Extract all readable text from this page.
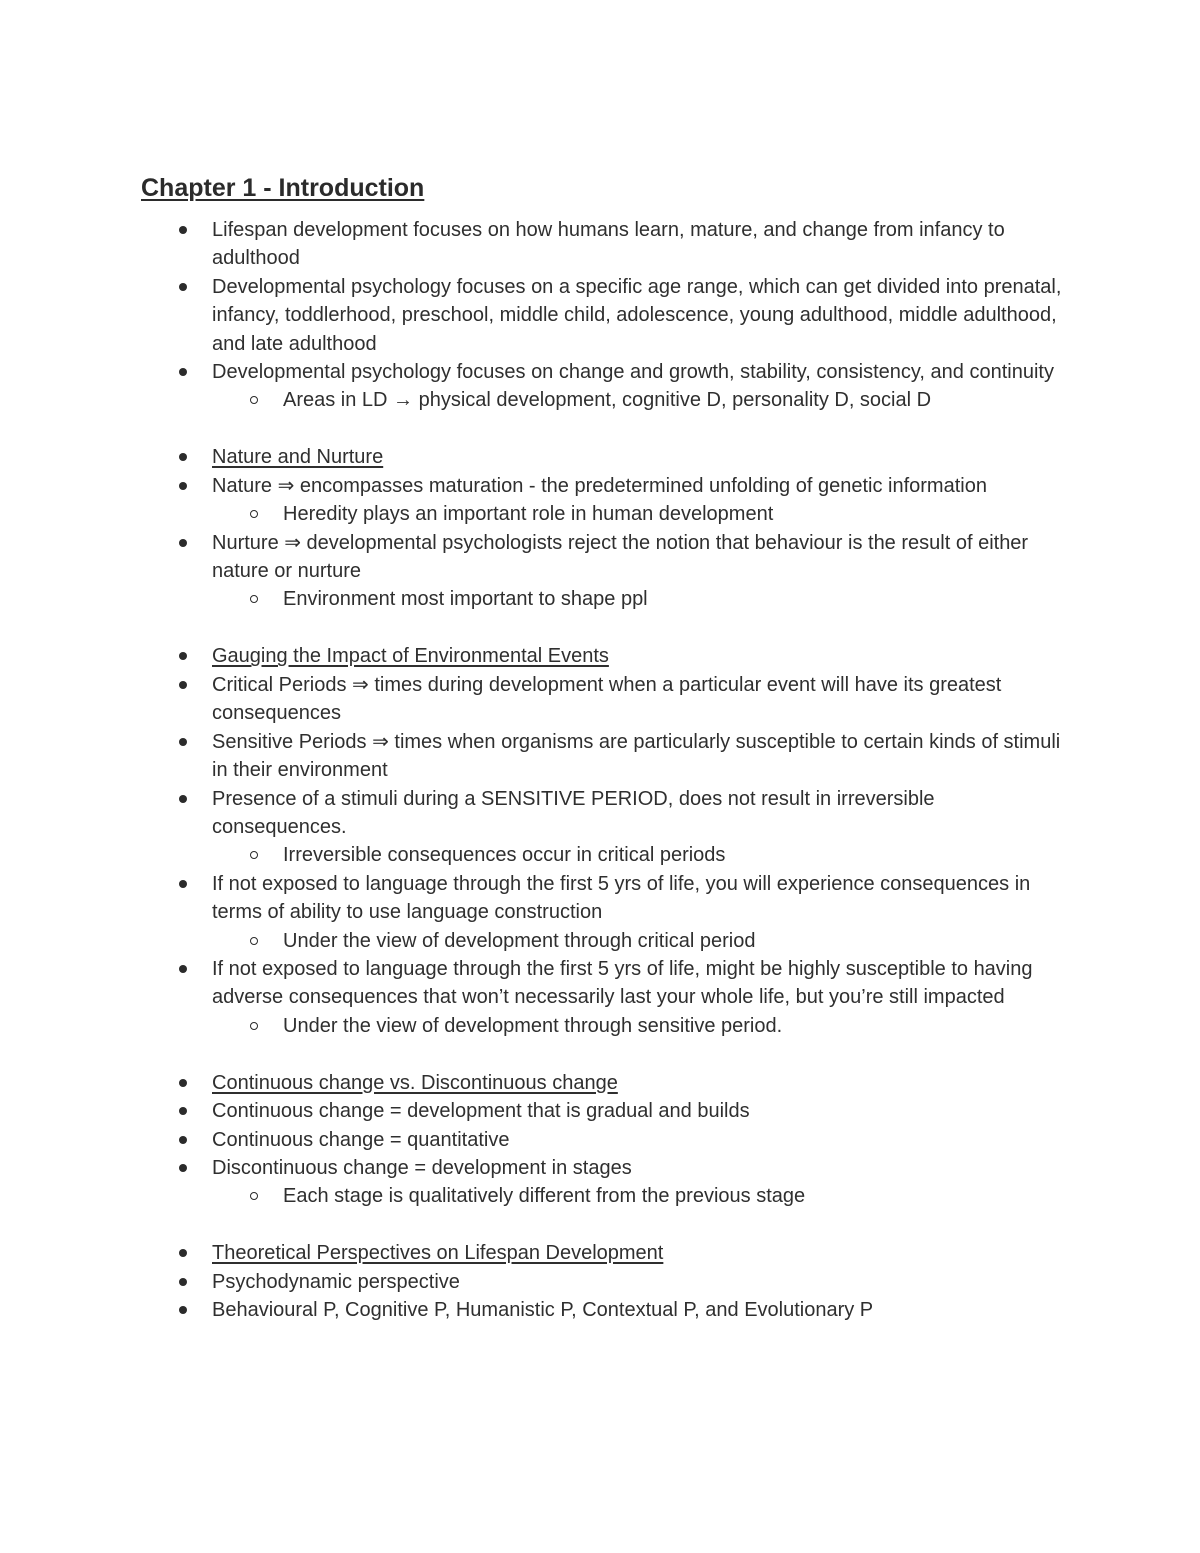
Chapter 1 - Introduction
Lifespan development focuses on how humans learn, mature, and change from infancy to adulthood
Developmental psychology focuses on a specific age range, which can get divided into prenatal, infancy, toddlerhood, preschool, middle child, adolescence, young adulthood, middle adulthood, and late adulthood
Developmental psychology focuses on change and growth, stability, consistency, and continuity
Areas in LD → physical development, cognitive D, personality D, social D
Nature and Nurture
Nature ⇒ encompasses maturation - the predetermined unfolding of genetic information
Heredity plays an important role in human development
Nurture ⇒ developmental psychologists reject the notion that behaviour is the result of either nature or nurture
Environment most important to shape ppl
Gauging the Impact of Environmental Events
Critical Periods ⇒ times during development when a particular event will have its greatest consequences
Sensitive Periods ⇒ times when organisms are particularly susceptible to certain kinds of stimuli in their environment
Presence of a stimuli during a SENSITIVE PERIOD, does not result in irreversible consequences.
Irreversible consequences occur in critical periods
If not exposed to language through the first 5 yrs of life, you will experience consequences in terms of ability to use language construction
Under the view of development through critical period
If not exposed to language through the first 5 yrs of life, might be highly susceptible to having adverse consequences that won’t necessarily last your whole life, but you’re still impacted
Under the view of development through sensitive period.
Continuous change vs. Discontinuous change
Continuous change = development that is gradual and builds
Continuous change = quantitative
Discontinuous change = development in stages
Each stage is qualitatively different from the previous stage
Theoretical Perspectives on Lifespan Development
Psychodynamic perspective
Behavioural P, Cognitive P, Humanistic P, Contextual P, and Evolutionary P
